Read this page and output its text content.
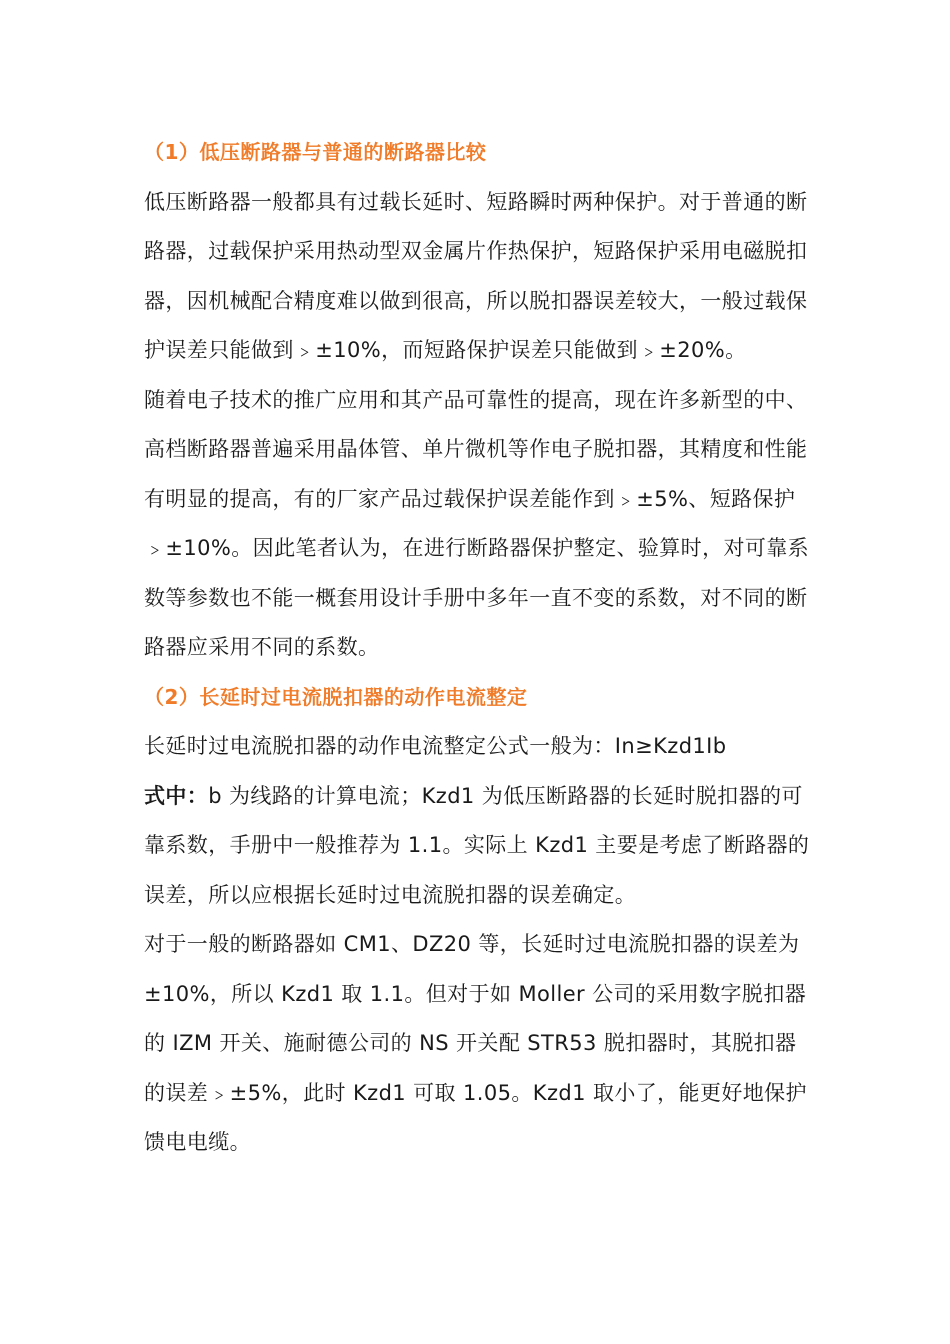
（1）低压断路器与普通的断路器比较

低压断路器一般都具有过载长延时、短路瞬时两种保护。对于普通的断路器，过载保护采用热动型双金属片作热保护，短路保护采用电磁脱扣器，因机械配合精度难以做到很高，所以脱扣器误差较大，一般过载保护误差只能做到﹥±10%，而短路保护误差只能做到﹥±20%。

随着电子技术的推广应用和其产品可靠性的提高，现在许多新型的中、高档断路器普遍采用晶体管、单片微机等作电子脱扣器，其精度和性能有明显的提高，有的厂家产品过载保护误差能作到﹥±5%、短路保护﹥±10%。因此笔者认为，在进行断路器保护整定、验算时，对可靠系数等参数也不能一概套用设计手册中多年一直不变的系数，对不同的断路器应采用不同的系数。

（2）长延时过电流脱扣器的动作电流整定

长延时过电流脱扣器的动作电流整定公式一般为：In≥Kzd1Ib

式中：b 为线路的计算电流；Kzd1 为低压断路器的长延时脱扣器的可靠系数，手册中一般推荐为 1.1。实际上 Kzd1 主要是考虑了断路器的误差，所以应根据长延时过电流脱扣器的误差确定。

对于一般的断路器如 CM1、DZ20 等，长延时过电流脱扣器的误差为±10%，所以 Kzd1 取 1.1。但对于如 Moller 公司的采用数字脱扣器的 IZM 开关、施耐德公司的 NS 开关配 STR53 脱扣器时，其脱扣器的误差﹥±5%，此时 Kzd1 可取 1.05。Kzd1 取小了，能更好地保护馈电电缆。
